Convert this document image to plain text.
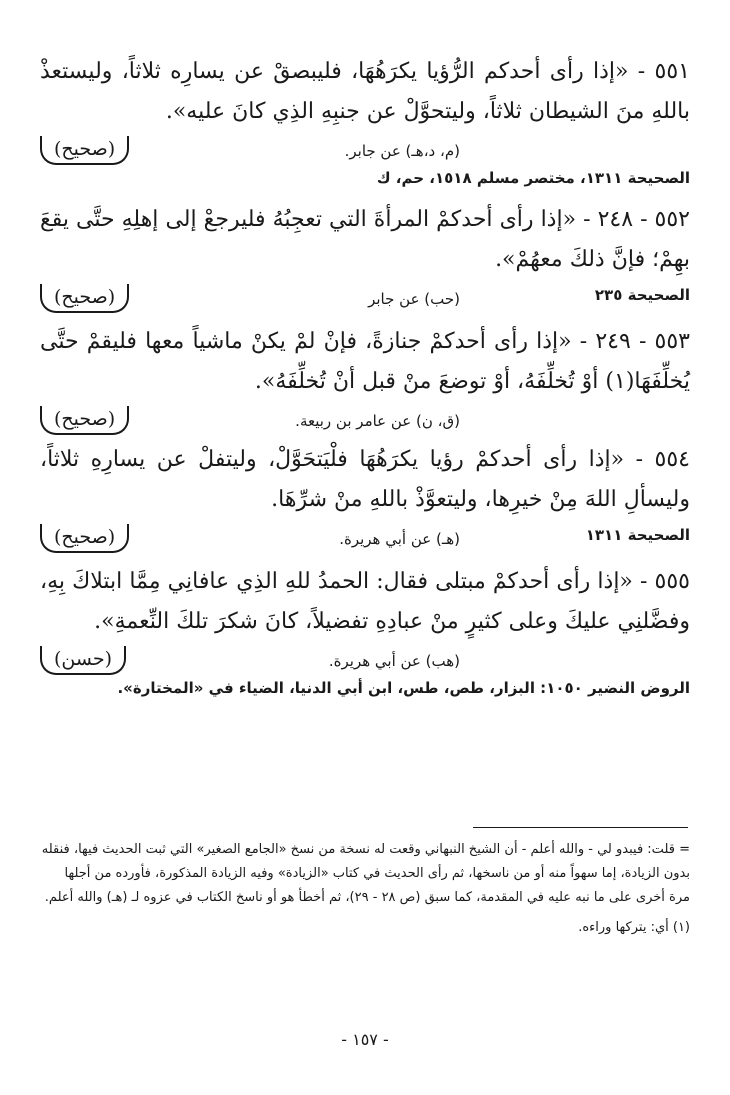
٥٥١ - «إذا رأى أحدكم الرُّؤيا يكرَهُهَا، فليبصقْ عن يسارِه ثلاثاً، وليستعذْ باللهِ منَ الشيطان ثلاثاً، وليتحوَّلْ عن جنبِهِ الذِي كانَ عليه».

(صحيح)	(م، د،هـ) عن جابر.

الصحيحة ١٣١١، مختصر مسلم ١٥١٨، حم، ك

٥٥٢ - ٢٤٨ - «إذا رأى أحدكمْ المرأةَ التي تعجِبُهُ فليرجعْ إلى إهلِهِ حتَّى يقعَ بهِمْ؛ فإنَّ ذلكَ معهُمْ».

(صحيح)	(حب) عن جابر	الصحيحة ٢٣٥

٥٥٣ - ٢٤٩ - «إذا رأى أحدكمْ جنازةً، فإنْ لمْ يكنْ ماشياً معها فليقمْ حتَّى يُخلِّفَهَا(١) أوْ تُخلِّفَهُ، أوْ توضعَ منْ قبل أنْ تُخلِّفَهُ».

(صحيح)	(ق، ن) عن عامر بن ربيعة.

٥٥٤ - «إذا رأى أحدكمْ رؤيا يكرَهُهَا فلْيَتحَوَّلْ، وليتفلْ عن يسارِهِ ثلاثاً، وليسألِ اللهَ مِنْ خيرِها، وليتعوَّذْ باللهِ منْ شرِّهَا.

(صحيح)	(هـ) عن أبي هريرة.	الصحيحة ١٣١١

٥٥٥ - «إذا رأى أحدكمْ مبتلى فقال: الحمدُ للهِ الذِي عافانِي مِمَّا ابتلاكَ بِهِ، وفضَّلنِي عليكَ وعلى كثيرٍ منْ عبادِهِ تفضيلاً، كانَ شكرَ تلكَ النِّعمةِ».

(حسن)	(هب) عن أبي هريرة.

الروض النضير ١٠٥٠: البزار، طص، طس، ابن أبي الدنيا، الضياء في «المختارة».

= قلت: فيبدو لي - والله أعلم - أن الشيخ النبهاني وقعت له نسخة من نسخ «الجامع الصغير» التي ثبت الحديث فيها، فنقله بدون الزيادة، إما سهواً منه أو من ناسخها، ثم رأى الحديث في كتاب «الزيادة» وفيه الزيادة المذكورة، فأورده من أجلها مرة أخرى على ما نبه عليه في المقدمة، كما سبق (ص ٢٨ - ٢٩)، ثم أخطأ هو أو ناسخ الكتاب في عزوه لـ (هـ) والله أعلم.

(١) أي: يتركها وراءه.

- ١٥٧ -
